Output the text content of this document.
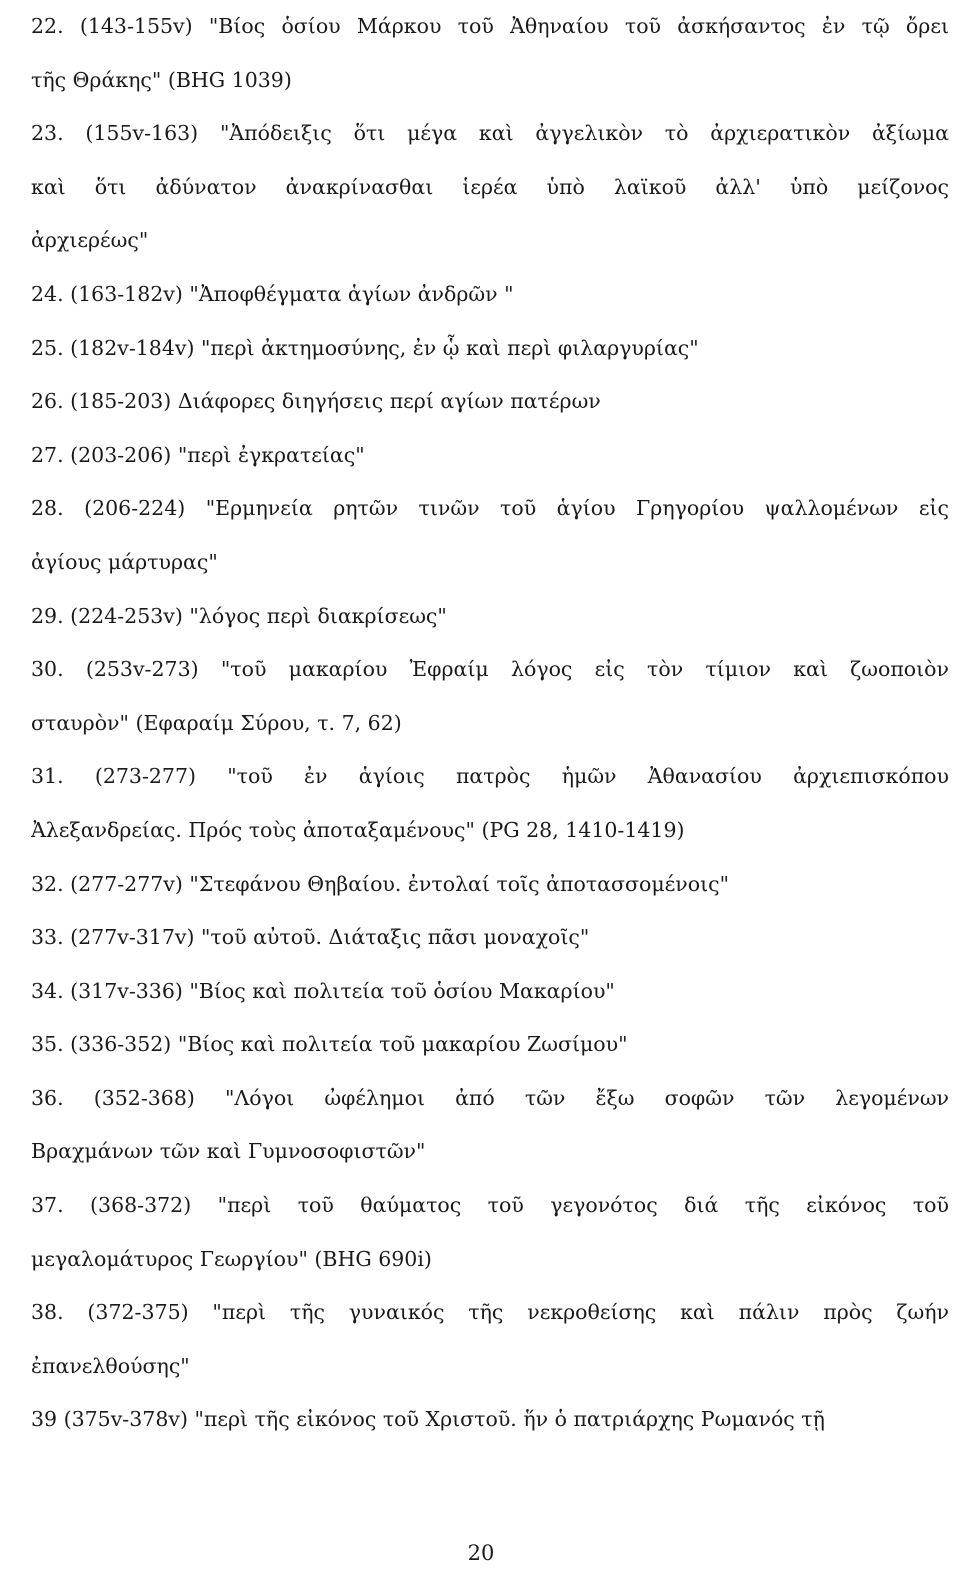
22. (143-155v) "Βίος ὁσίου Μάρκου τοῦ Ἀθηναίου τοῦ ἀσκήσαντος ἐν τῷ ὄρει
τῆς Θράκης" (BHG 1039)
23. (155v-163) "Ἀπόδειξις ὅτι μέγα καὶ ἀγγελικὸν τὸ ἀρχιερατικὸν ἀξίωμα
καὶ ὅτι ἀδύνατον ἀνακρίνασθαι ἱερέα ὑπὸ λαϊκοῦ ἀλλ' ὑπὸ μείζονος
ἀρχιερέως"
24. (163-182v) "Ἀποφθέγματα ἁγίων ἀνδρῶν "
25. (182v-184v) "περὶ ἀκτημοσύνης, ἐν ᾧ καὶ περὶ φιλαργυρίας"
26. (185-203) Διάφορες διηγήσεις περί αγίων πατέρων
27. (203-206) "περὶ ἐγκρατείας"
28. (206-224) "Ερμηνεία ρητῶν τινῶν τοῦ ἁγίου Γρηγορίου ψαλλομένων εἰς
ἁγίους μάρτυρας"
29. (224-253v) "λόγος περὶ διακρίσεως"
30. (253v-273) "τοῦ μακαρίου Ἐφραίμ λόγος εἰς τὸν τίμιον καὶ ζωοποιὸν
σταυρὸν" (Εφαραίμ Σύρου, τ. 7, 62)
31. (273-277) "τοῦ ἐν ἁγίοις πατρὸς ἡμῶν Ἀθανασίου ἀρχιεπισκόπου
Ἀλεξανδρείας. Πρός τοὺς ἀποταξαμένους" (PG 28, 1410-1419)
32. (277-277v) "Στεφάνου Θηβαίου. ἐντολαί τοῖς ἀποτασσομένοις"
33. (277v-317v) "τοῦ αὐτοῦ. Διάταξις πᾶσι μοναχοῖς"
34. (317v-336) "Βίος καὶ πολιτεία τοῦ ὁσίου Μακαρίου"
35. (336-352) "Βίος καὶ πολιτεία τοῦ μακαρίου Ζωσίμου"
36. (352-368) "Λόγοι ὠφέλημοι ἀπό τῶν ἔξω σοφῶν τῶν λεγομένων
Βραχμάνων τῶν καὶ Γυμνοσοφιστῶν"
37. (368-372) "περὶ τοῦ θαύματος τοῦ γεγονότος διά τῆς εἰκόνος τοῦ
μεγαλομάτυρος Γεωργίου" (BHG 690i)
38. (372-375) "περὶ τῆς γυναικός τῆς νεκροθείσης καὶ πάλιν πρὸς ζωήν
ἐπανελθούσης"
39 (375v-378v) "περὶ τῆς εἰκόνος τοῦ Χριστοῦ. ἥν ὁ πατριάρχης Ρωμανός τῇ
20
